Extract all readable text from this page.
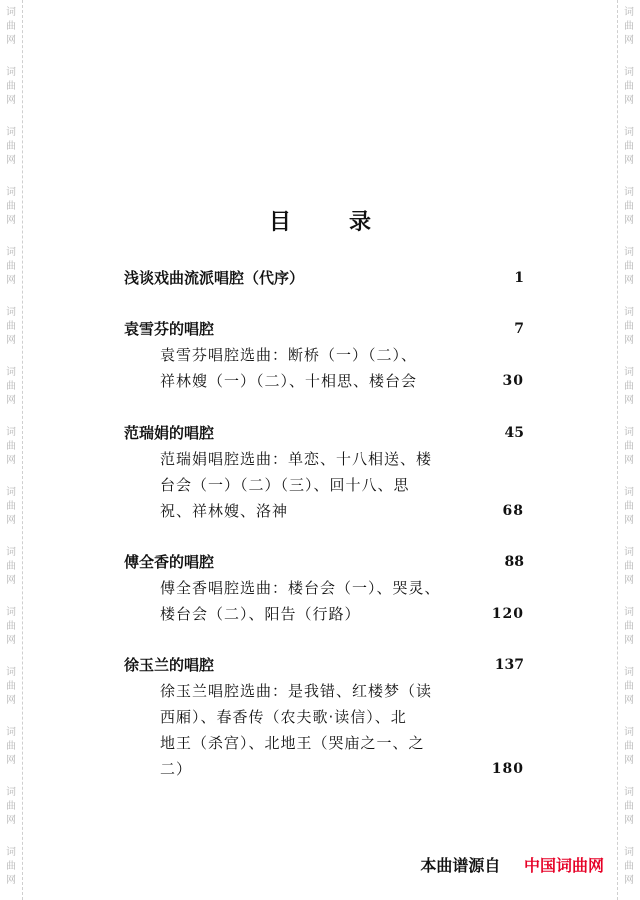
词
曲
网
词
曲
网
词
曲
网
词
曲
网
词
曲
网
词
曲
网
词
曲
网
词
曲
网
词
曲
网
词
曲
网
词
曲
网
词
曲
网
词
曲
网
词
曲
网
词
曲
网
词
曲
网
词
曲
网
词
曲
网
词
曲
网
词
曲
网
词
曲
网
词
曲
网
词
曲
网
词
曲
网
词
曲
网
词
曲
网
词
曲
网
词
曲
网
词
曲
网
词
曲
网
目录
浅谈戏曲流派唱腔（代序）	1
袁雪芬的唱腔	7
袁雪芬唱腔选曲：断桥（一）（二）、
祥林嫂（一）（二）、十相思、楼台会	30
范瑞娟的唱腔	45
范瑞娟唱腔选曲：单恋、十八相送、楼
台会（一）（二）（三）、回十八、思
祝、祥林嫂、洛神	68
傅全香的唱腔	88
傅全香唱腔选曲：楼台会（一）、哭灵、
楼台会（二）、阳告（行路）	120
徐玉兰的唱腔	137
徐玉兰唱腔选曲：是我错、红楼梦（读
西厢）、春香传（农夫歌·读信）、北
地王（杀宫）、北地王（哭庙之一、之
二）	180
本曲谱源自 中国词曲网
